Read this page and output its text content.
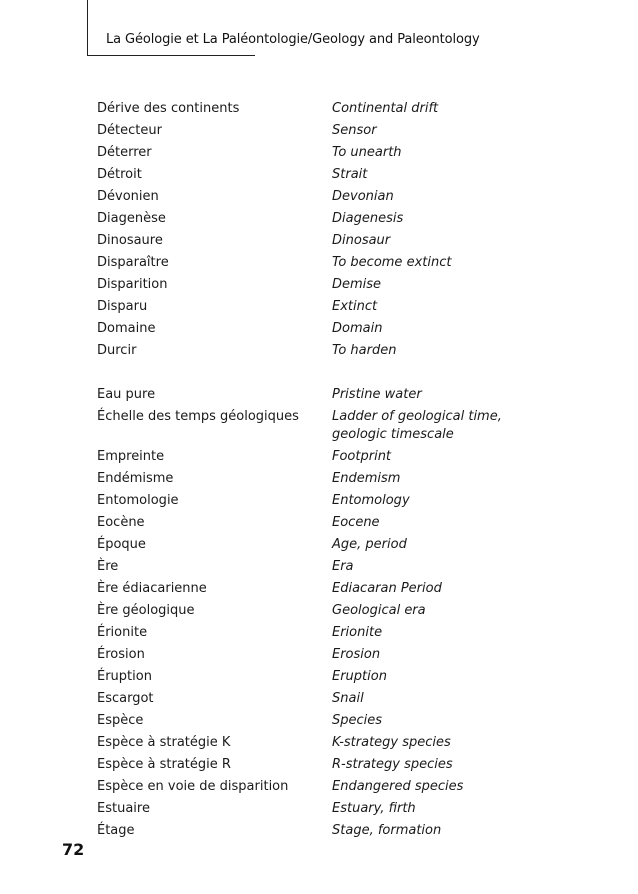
La Géologie et La Paléontologie/Geology and Paleontology
Dérive des continents	Continental drift
Détecteur	Sensor
Déterrer	To unearth
Détroit	Strait
Dévonien	Devonian
Diagenèse	Diagenesis
Dinosaure	Dinosaur
Disparaître	To become extinct
Disparition	Demise
Disparu	Extinct
Domaine	Domain
Durcir	To harden
Eau pure	Pristine water
Échelle des temps géologiques	Ladder of geological time,
geologic timescale
Empreinte	Footprint
Endémisme	Endemism
Entomologie	Entomology
Eocène	Eocene
Époque	Age, period
Ère	Era
Ère édiacarienne	Ediacaran Period
Ère géologique	Geological era
Érionite	Erionite
Érosion	Erosion
Éruption	Eruption
Escargot	Snail
Espèce	Species
Espèce à stratégie K	K-strategy species
Espèce à stratégie R	R-strategy species
Espèce en voie de disparition	Endangered species
Estuaire	Estuary, firth
Étage	Stage, formation
72
